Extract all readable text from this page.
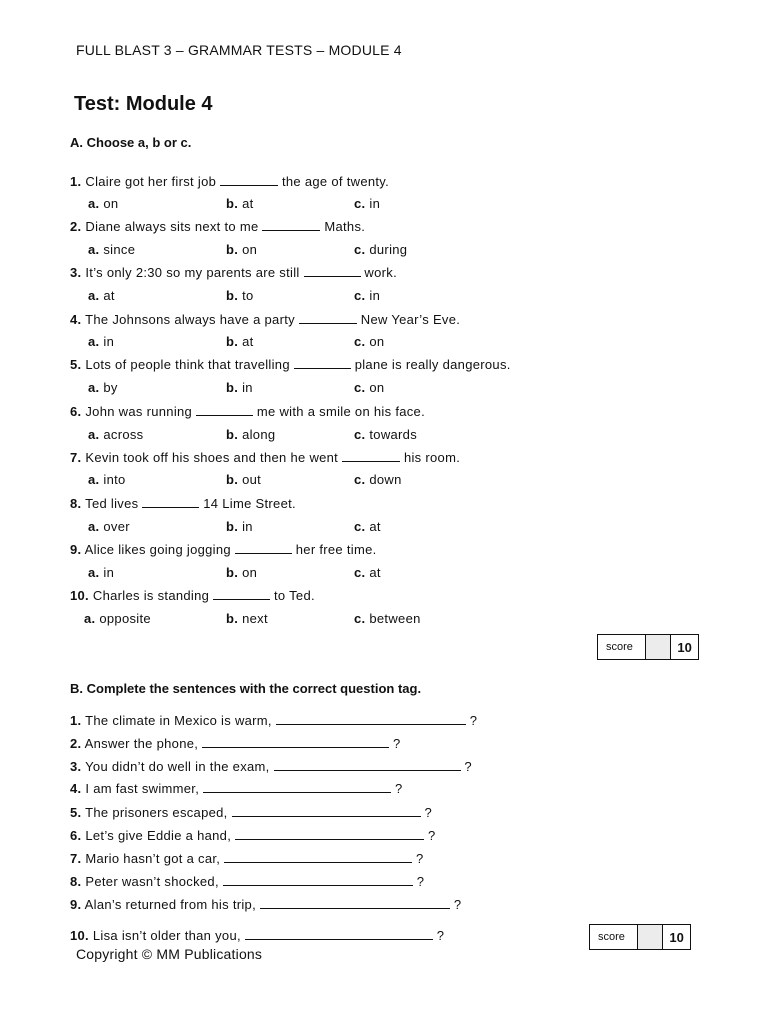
FULL BLAST 3 – GRAMMAR TESTS – MODULE 4
Test: Module 4
A. Choose a, b or c.
1. Claire got her first job	the age of twenty.
a. on	b. at	c. in
2. Diane always sits next to me	Maths.
a. since	b. on	c. during
3. It’s only 2:30 so my parents are still	work.
a. at	b. to	c. in
4. The Johnsons always have a party	New Year’s Eve.
a. in	b. at	c. on
5. Lots of people think that travelling	plane is really dangerous.
a. by	b. in	c. on
6. John was running	me with a smile on his face.
a. across	b. along	c. towards
7. Kevin took off his shoes and then he went	his room.
a. into	b. out	c. down
8. Ted lives	14 Lime Street.
a. over	b. in	c. at
9. Alice likes going jogging	her free time.
a. in	b. on	c. at
10. Charles is standing	to Ted.
a. opposite	b. next	c. between
score	10
B. Complete the sentences with the correct question tag.
1. The climate in Mexico is warm,	?
2. Answer the phone,	?
3. You didn’t do well in the exam,	?
4. I am fast swimmer,	?
5. The prisoners escaped,	?
6. Let’s give Eddie a hand,	?
7. Mario hasn’t got a car,	?
8. Peter wasn’t shocked,	?
9. Alan’s returned from his trip,	?
10. Lisa isn’t older than you,	?	score	10
Copyright © MM Publications
